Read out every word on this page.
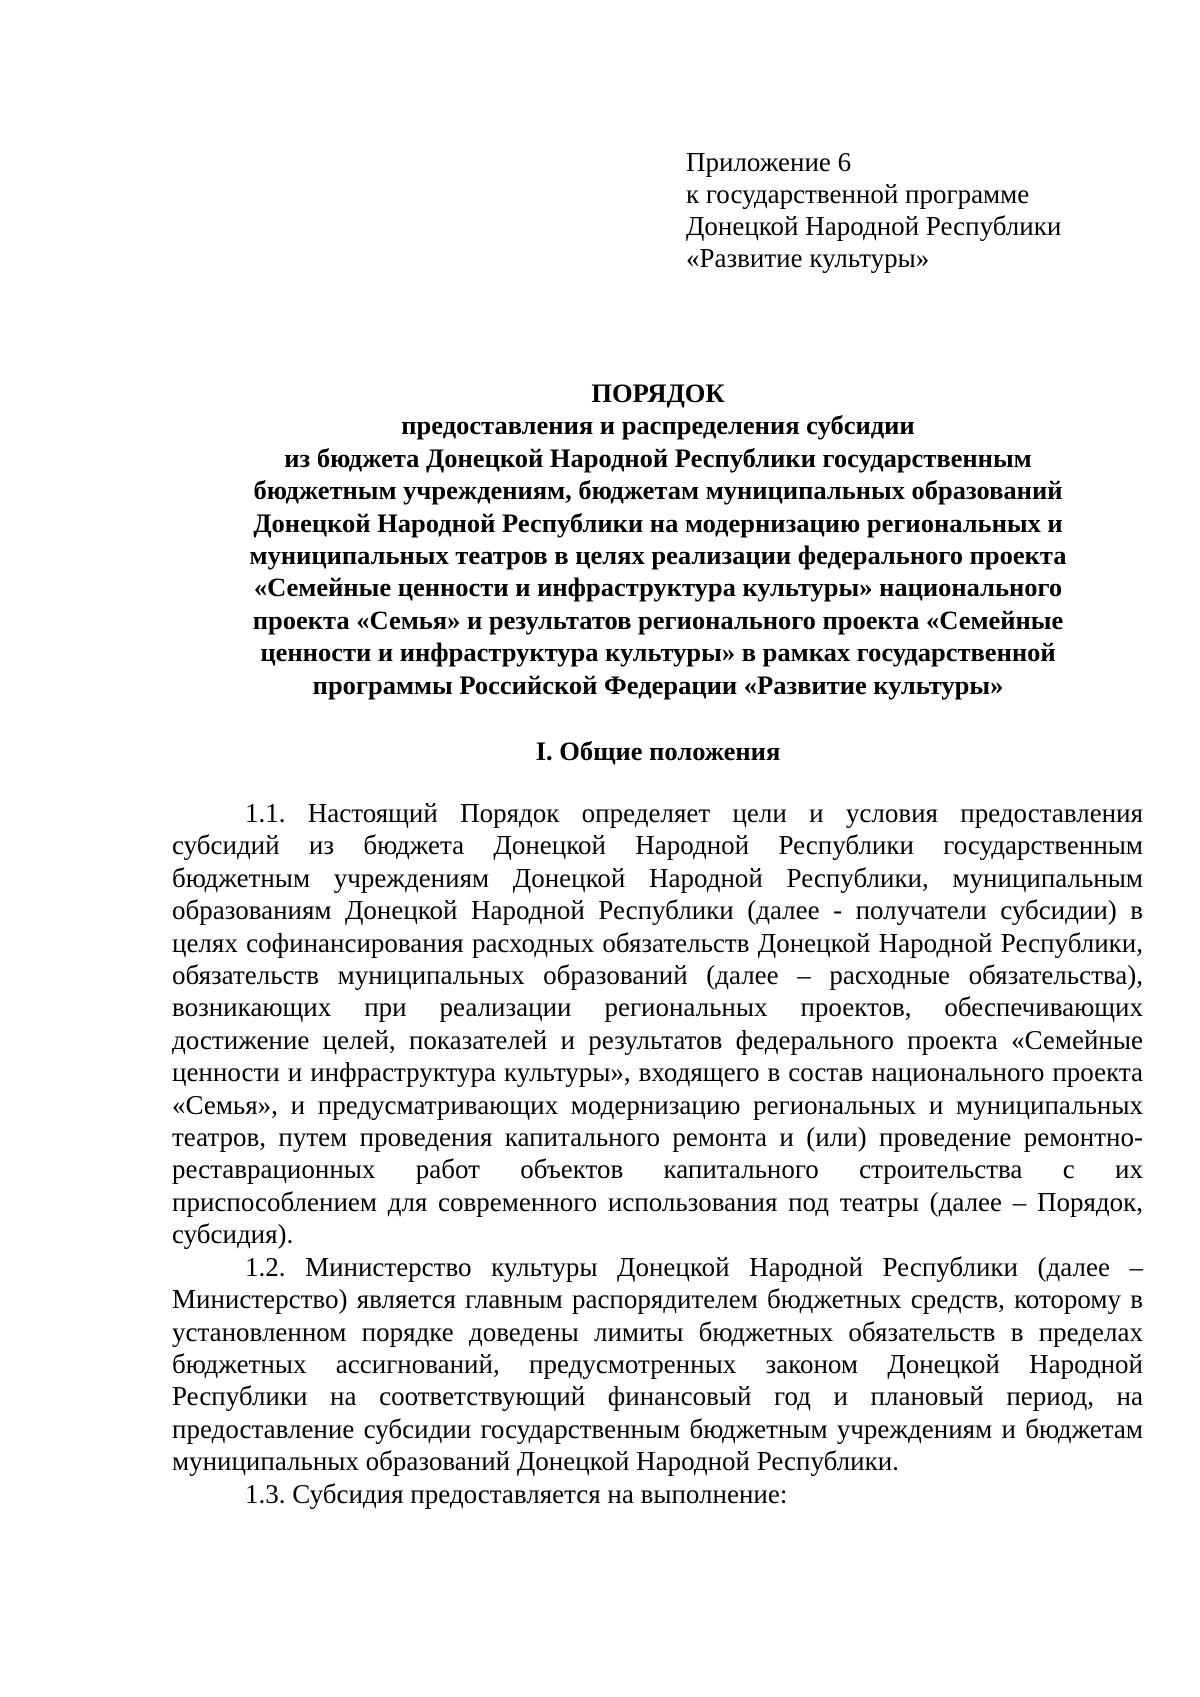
Приложение 6
к государственной программе
Донецкой Народной Республики
«Развитие культуры»
ПОРЯДОК
предоставления и распределения субсидии
из бюджета Донецкой Народной Республики государственным
бюджетным учреждениям, бюджетам муниципальных образований
Донецкой Народной Республики на модернизацию региональных и
муниципальных театров в целях реализации федерального проекта
«Семейные ценности и инфраструктура культуры» национального
проекта «Семья» и результатов регионального проекта «Семейные
ценности и инфраструктура культуры» в рамках государственной
программы Российской Федерации «Развитие культуры»
I. Общие положения

1.1. Настоящий Порядок определяет цели и условия предоставления субсидий из бюджета Донецкой Народной Республики государственным бюджетным учреждениям Донецкой Народной Республики, муниципальным образованиям Донецкой Народной Республики (далее - получатели субсидии) в целях софинансирования расходных обязательств Донецкой Народной Республики, обязательств муниципальных образований (далее – расходные обязательства), возникающих при реализации региональных проектов, обеспечивающих достижение целей, показателей и результатов федерального проекта «Семейные ценности и инфраструктура культуры», входящего в состав национального проекта «Семья», и предусматривающих модернизацию региональных и муниципальных театров, путем проведения капитального ремонта и (или) проведение ремонтно-реставрационных работ объектов капитального строительства с их приспособлением для современного использования под театры (далее – Порядок, субсидия).

1.2. Министерство культуры Донецкой Народной Республики (далее – Министерство) является главным распорядителем бюджетных средств, которому в установленном порядке доведены лимиты бюджетных обязательств в пределах бюджетных ассигнований, предусмотренных законом Донецкой Народной Республики на соответствующий финансовый год и плановый период, на предоставление субсидии государственным бюджетным учреждениям и бюджетам муниципальных образований Донецкой Народной Республики.

1.3. Субсидия предоставляется на выполнение:
